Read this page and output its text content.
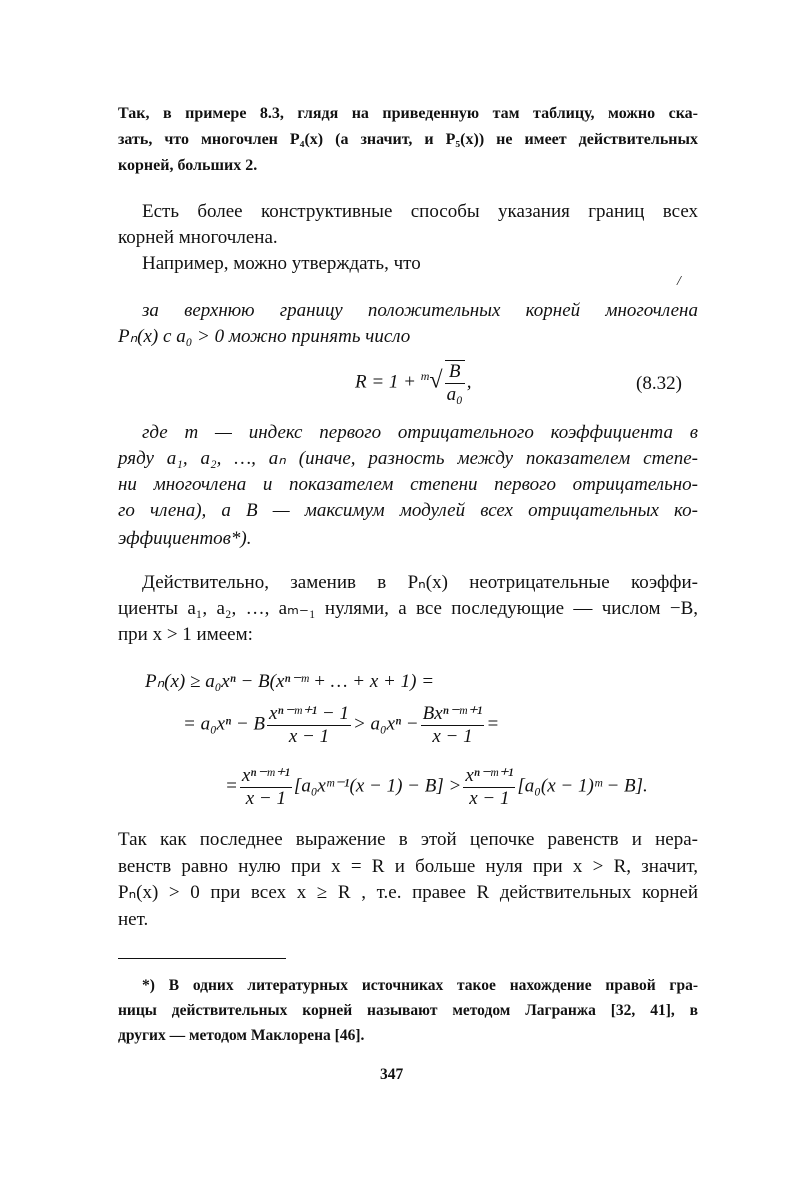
Так, в примере 8.3, глядя на приведенную там таблицу, можно ска-
зать, что многочлен P₄(x) (а значит, и P₅(x)) не имеет действительных
корней, больших 2.
Есть более конструктивные способы указания границ всех
корней многочлена.
Например, можно утверждать, что
/
за верхнюю границу положительных корней многочлена
Pₙ(x) с a₀ > 0 можно принять число
$R = 1 + ^m√ \frac{B}{\text{a₀}}$ ,	(8.32)
где m — индекс первого отрицательного коэффициента в
ряду a₁, a₂, …, aₙ (иначе, разность между показателем степе-
ни многочлена и показателем степени первого отрицательно-
го члена), а B — максимум модулей всех отрицательных ко-
эффициентов*).
Действительно, заменив в Pₙ(x) неотрицательные коэффи-
циенты a₁, a₂, …, aₘ₋₁ нулями, а все последующие — числом −B,
при x > 1 имеем:
Pₙ(x) ≥ a₀xⁿ − B(xⁿ⁻ᵐ + … + x + 1) =
= a₀xⁿ − B $\frac{\text{xⁿ⁻ᵐ⁺¹ − 1}}{x - 1} > a_0x^n - \frac{\text{Bxⁿ⁻ᵐ⁺¹}}{x - 1}$ =
= $\frac{\text{xⁿ⁻ᵐ⁺¹}}{x - 1}$ [a₀xᵐ⁻¹(x − $1) - B] > \frac{\text{xⁿ⁻ᵐ⁺¹}}{x - 1} [a_0(x$ − 1)ᵐ − B].
Так как последнее выражение в этой цепочке равенств и нера-
венств равно нулю при x = R и больше нуля при x > R, значит,
Pₙ(x) > 0 при всех x ≥ R , т.е. правее R действительных корней
нет.
*) В одних литературных источниках такое нахождение правой гра-
ницы действительных корней называют методом Лагранжа [32, 41], в
других — методом Маклорена [46].
347
